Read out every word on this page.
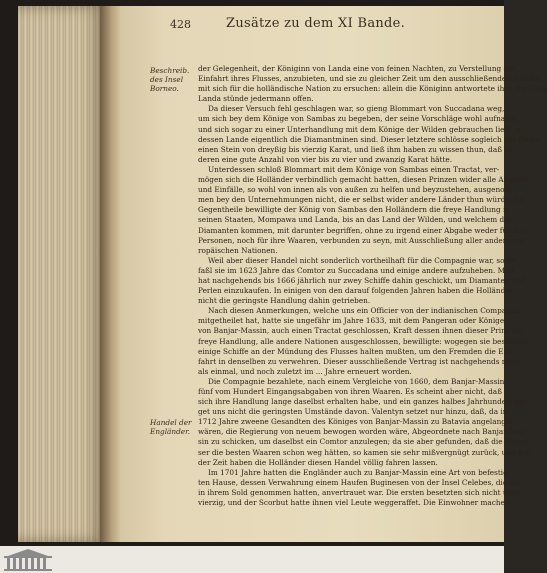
428	Zusätze zu dem XI Bande.
Beschreib.
des Insel
Borneo.
Handel der
Engländer.
der Gelegenheit, der Königinn von Landa eine von feinen Nachten, zu Verstellung der
Einfahrt ihres Flusses, anzubieten, und sie zu gleicher Zeit um den ausschließenden Handel
mit sich für die holländische Nation zu ersuchen: allein die Königinn antwortete ihm, ihr Land
Landa stünde jedermann offen.
Da dieser Versuch fehl geschlagen war, so gieng Blommart von Succadana weg,
um sich bey dem Könige von Sambas zu begeben, der seine Vorschläge wohl aufnahm,
und sich sogar zu einer Unterhandlung mit dem Könige der Wilden gebrauchen ließ, in
dessen Lande eigentlich die Diamantminen sind. Dieser letztere schlösse sogleich zur Probe
einen Stein von dreyßig bis vierzig Karat, und ließ ihm haben zu wissen thun, daß er
deren eine gute Anzahl von vier bis zu vier und zwanzig Karat hätte.
Unterdessen schloß Blommart mit dem Könige von Sambas einen Tractat, ver-
mögen sich die Holländer verbindlich gemacht hatten, diesen Prinzen wider alle Angriffe
und Einfälle, so wohl von innen als von außen zu helfen und beyzustehen, ausgenom-
men bey den Unternehmungen nicht, die er selbst wider andere Länder thun würde. Im
Gegentheile bewilligte der König von Sambas den Holländern die freye Handlung in
seinen Staaten, Mompawa und Landa, bis an das Land der Wilden, und welchem die
Diamanten kommen, mit darunter begriffen, ohne zu irgend einer Abgabe weder für ihre
Personen, noch für ihre Waaren, verbunden zu seyn, mit Ausschließung aller andern eu-
ropäischen Nationen.
Weil aber dieser Handel nicht sonderlich vortheilhaft für die Compagnie war, so be-
faßl sie im 1623 Jahre das Comtor zu Succadana und einige andere aufzuheben. Man
hat nachgehends bis 1666 jährlich nur zwey Schiffe dahin geschickt, um Diamanten und
Perlen einzukaufen. In einigen von den darauf folgenden Jahren haben die Holländer
nicht die geringste Handlung dahin getrieben.
Nach diesen Anmerkungen, welche uns ein Officier von der indianischen Compagnie
mitgetheilet hat, hatte sie ungefähr im Jahre 1633, mit dem Pangeran oder Könige
von Banjar-Massin, auch einen Tractat geschlossen, Kraft dessen ihnen dieser Prinz die
freye Handlung, alle andere Nationen ausgeschlossen, bewilligte: wogegen sie beständig
einige Schiffe an der Mündung des Flusses halten mußten, um den Fremden die Ein-
fahrt in denselben zu verwehren. Dieser ausschließende Vertrag ist nachgehends mehr
als einmal, und noch zuletzt im ... Jahre erneuert worden.
Die Compagnie bezahlete, nach einem Vergleiche von 1660, dem Banjar-Massin
fünf vom Hundert Eingangsabgaben von ihren Waaren. Es scheint aber nicht, daß
sich ihre Handlung lange daselbst erhalten habe, und ein ganzes halbes Jahrhundert gin-
get uns nicht die geringsten Umstände davon. Valentyn setzet nur hinzu, daß, da im
1712 Jahre zweene Gesandten des Königes von Banjar-Massin zu Batavia angelanget,
wären, die Regierung von neuem bewogen worden wäre, Abgeordnete nach Banjar-Mas-
sin zu schicken, um daselbst ein Comtor anzulegen; da sie aber gefunden, daß die Chine-
ser die besten Waaren schon weg hätten, so kamen sie sehr mißvergnügt zurück, und seit
der Zeit haben die Holländer diesen Handel völlig fahren lassen.
Im 1701 Jahre hatten die Engländer auch zu Banjar-Massin eine Art von befestig-
ten Hause, dessen Verwahrung einem Haufen Buginesen von der Insel Celebes, die sie
in ihrem Sold genommen hatten, anvertrauet war. Die ersten besetzten sich nicht über
vierzig, und der Scorbut hatte ihnen viel Leute weggeraffet. Die Einwohner machen
